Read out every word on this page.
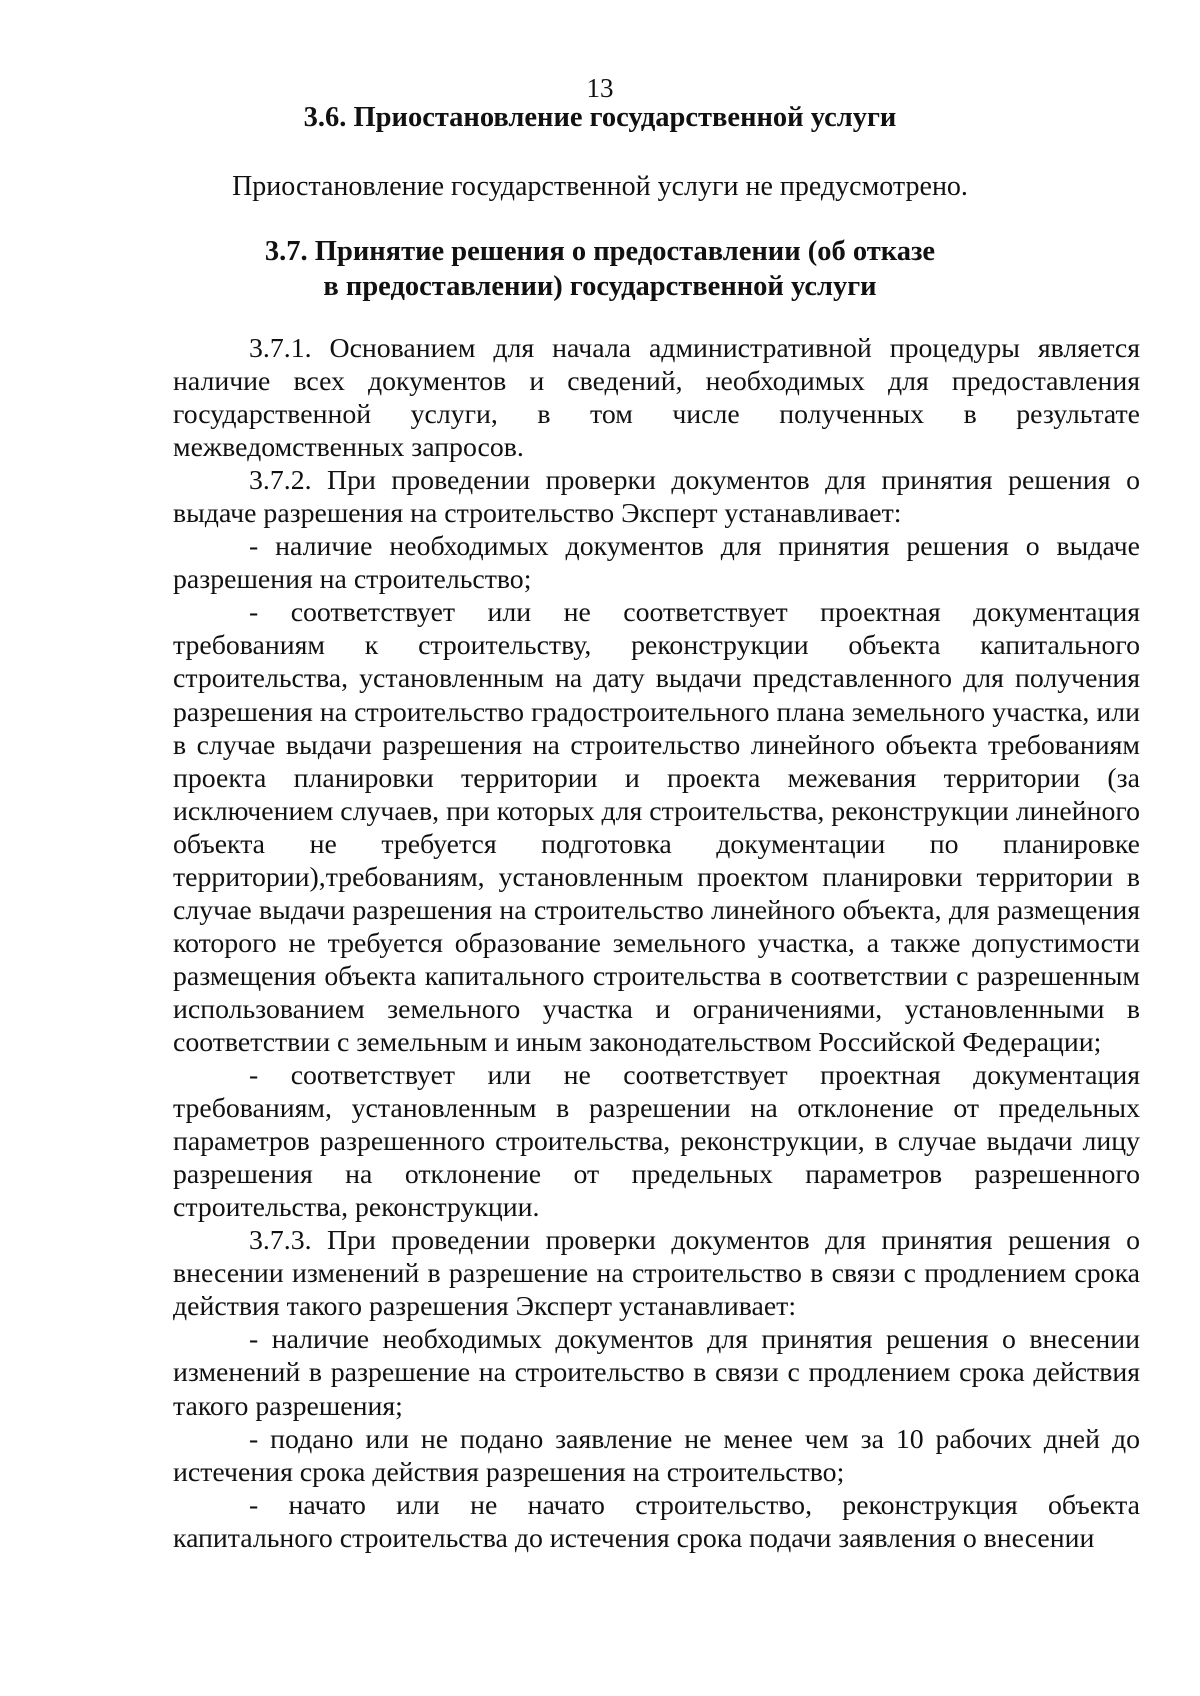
13
3.6. Приостановление государственной услуги
Приостановление государственной услуги не предусмотрено.
3.7. Принятие решения о предоставлении (об отказе
в предоставлении) государственной услуги

3.7.1. Основанием для начала административной процедуры является наличие всех документов и сведений, необходимых для предоставления государственной услуги, в том числе полученных в результате межведомственных запросов.

3.7.2. При проведении проверки документов для принятия решения о выдаче разрешения на строительство Эксперт устанавливает:

- наличие необходимых документов для принятия решения о выдаче разрешения на строительство;

- соответствует или не соответствует проектная документация требованиям к строительству, реконструкции объекта капитального строительства, установленным на дату выдачи представленного для получения разрешения на строительство градостроительного плана земельного участка, или в случае выдачи разрешения на строительство линейного объекта требованиям проекта планировки территории и проекта межевания территории (за исключением случаев, при которых для строительства, реконструкции линейного объекта не требуется подготовка документации по планировке территории),требованиям, установленным проектом планировки территории в случае выдачи разрешения на строительство линейного объекта, для размещения которого не требуется образование земельного участка, а также допустимости размещения объекта капитального строительства в соответствии с разрешенным использованием земельного участка и ограничениями, установленными в соответствии с земельным и иным законодательством Российской Федерации;

- соответствует или не соответствует проектная документация требованиям, установленным в разрешении на отклонение от предельных параметров разрешенного строительства, реконструкции, в случае выдачи лицу разрешения на отклонение от предельных параметров разрешенного строительства, реконструкции.

3.7.3. При проведении проверки документов для принятия решения о внесении изменений в разрешение на строительство в связи с продлением срока действия такого разрешения Эксперт устанавливает:

- наличие необходимых документов для принятия решения о внесении изменений в разрешение на строительство в связи с продлением срока действия такого разрешения;

- подано или не подано заявление не менее чем за 10 рабочих дней до истечения срока действия разрешения на строительство;

- начато или не начато строительство, реконструкция объекта капитального строительства до истечения срока подачи заявления о внесении
